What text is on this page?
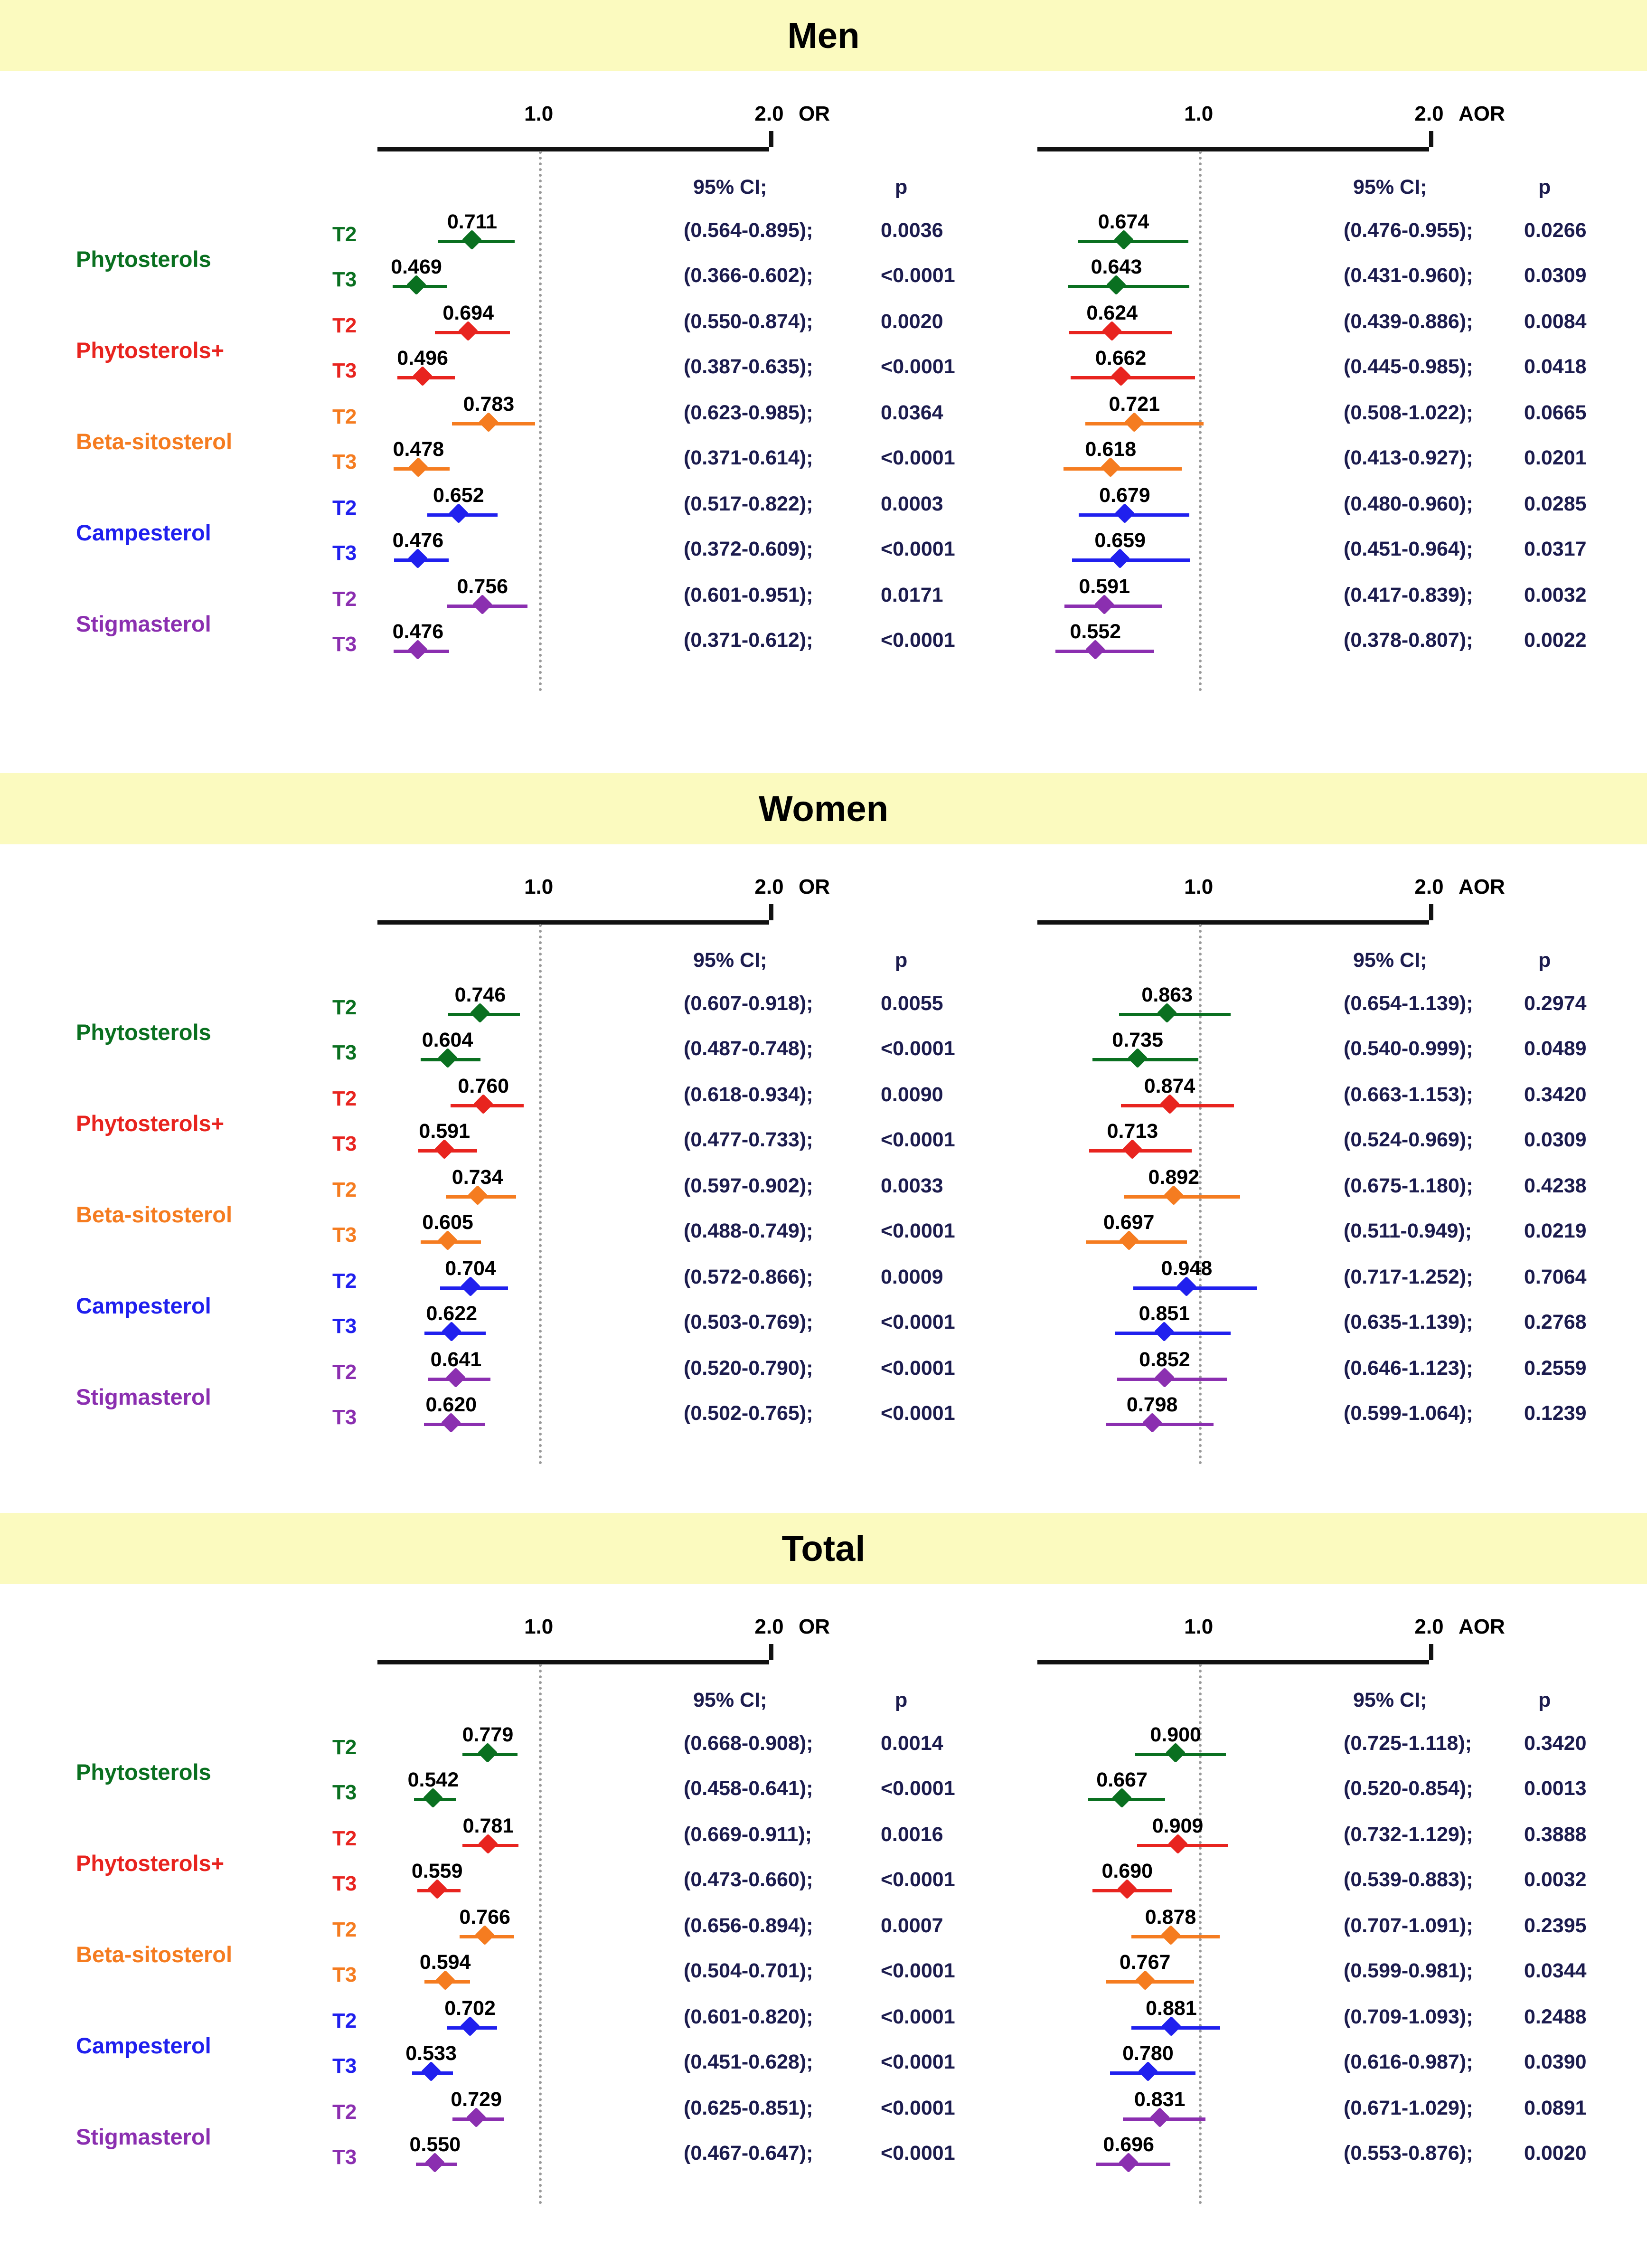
Men
1.0	2.0 OR
95% CI;	p
1.0	2.0 AOR
95% CI;	p
Phytosterols
T2
0.711	(0.564-0.895);	0.0036	0.674	(0.476-0.955);	0.0266
T3
0.469	(0.366-0.602);	<0.0001	0.643	(0.431-0.960);	0.0309
Phytosterols+
T2
0.694	(0.550-0.874);	0.0020	0.624	(0.439-0.886);	0.0084
T3
0.496	(0.387-0.635);	<0.0001	0.662	(0.445-0.985);	0.0418
Beta-sitosterol
T2
0.783	(0.623-0.985);	0.0364	0.721	(0.508-1.022);	0.0665
T3
0.478	(0.371-0.614);	<0.0001	0.618	(0.413-0.927);	0.0201
Campesterol
T2
0.652	(0.517-0.822);	0.0003	0.679	(0.480-0.960);	0.0285
T3
0.476	(0.372-0.609);	<0.0001	0.659	(0.451-0.964);	0.0317
Stigmasterol
T2
0.756	(0.601-0.951);	0.0171	0.591	(0.417-0.839);	0.0032
T3
0.476	(0.371-0.612);	<0.0001	0.552	(0.378-0.807);	0.0022
Women
1.0	2.0 OR
95% CI;	p
1.0	2.0 AOR
95% CI;	p
Phytosterols
T2
0.746	(0.607-0.918);	0.0055	0.863	(0.654-1.139);	0.2974
T3
0.604	(0.487-0.748);	<0.0001	0.735	(0.540-0.999);	0.0489
Phytosterols+
T2
0.760	(0.618-0.934);	0.0090	0.874	(0.663-1.153);	0.3420
T3
0.591	(0.477-0.733);	<0.0001	0.713	(0.524-0.969);	0.0309
Beta-sitosterol
T2
0.734	(0.597-0.902);	0.0033	0.892	(0.675-1.180);	0.4238
T3
0.605	(0.488-0.749);	<0.0001	0.697	(0.511-0.949);	0.0219
Campesterol
T2
0.704	(0.572-0.866);	0.0009	0.948	(0.717-1.252);	0.7064
T3
0.622	(0.503-0.769);	<0.0001	0.851	(0.635-1.139);	0.2768
Stigmasterol
T2
0.641	(0.520-0.790);	<0.0001	0.852	(0.646-1.123);	0.2559
T3
0.620	(0.502-0.765);	<0.0001	0.798	(0.599-1.064);	0.1239
Total
1.0	2.0 OR
95% CI;	p
1.0	2.0 AOR
95% CI;	p
Phytosterols
T2
0.779	(0.668-0.908);	0.0014	0.900	(0.725-1.118);	0.3420
T3
0.542	(0.458-0.641);	<0.0001	0.667	(0.520-0.854);	0.0013
Phytosterols+
T2
0.781	(0.669-0.911);	0.0016	0.909	(0.732-1.129);	0.3888
T3
0.559	(0.473-0.660);	<0.0001	0.690	(0.539-0.883);	0.0032
Beta-sitosterol
T2
0.766	(0.656-0.894);	0.0007	0.878	(0.707-1.091);	0.2395
T3
0.594	(0.504-0.701);	<0.0001	0.767	(0.599-0.981);	0.0344
Campesterol
T2
0.702	(0.601-0.820);	<0.0001	0.881	(0.709-1.093);	0.2488
T3
0.533	(0.451-0.628);	<0.0001	0.780	(0.616-0.987);	0.0390
Stigmasterol
T2
0.729	(0.625-0.851);	<0.0001	0.831	(0.671-1.029);	0.0891
T3
0.550	(0.467-0.647);	<0.0001	0.696	(0.553-0.876);	0.0020
